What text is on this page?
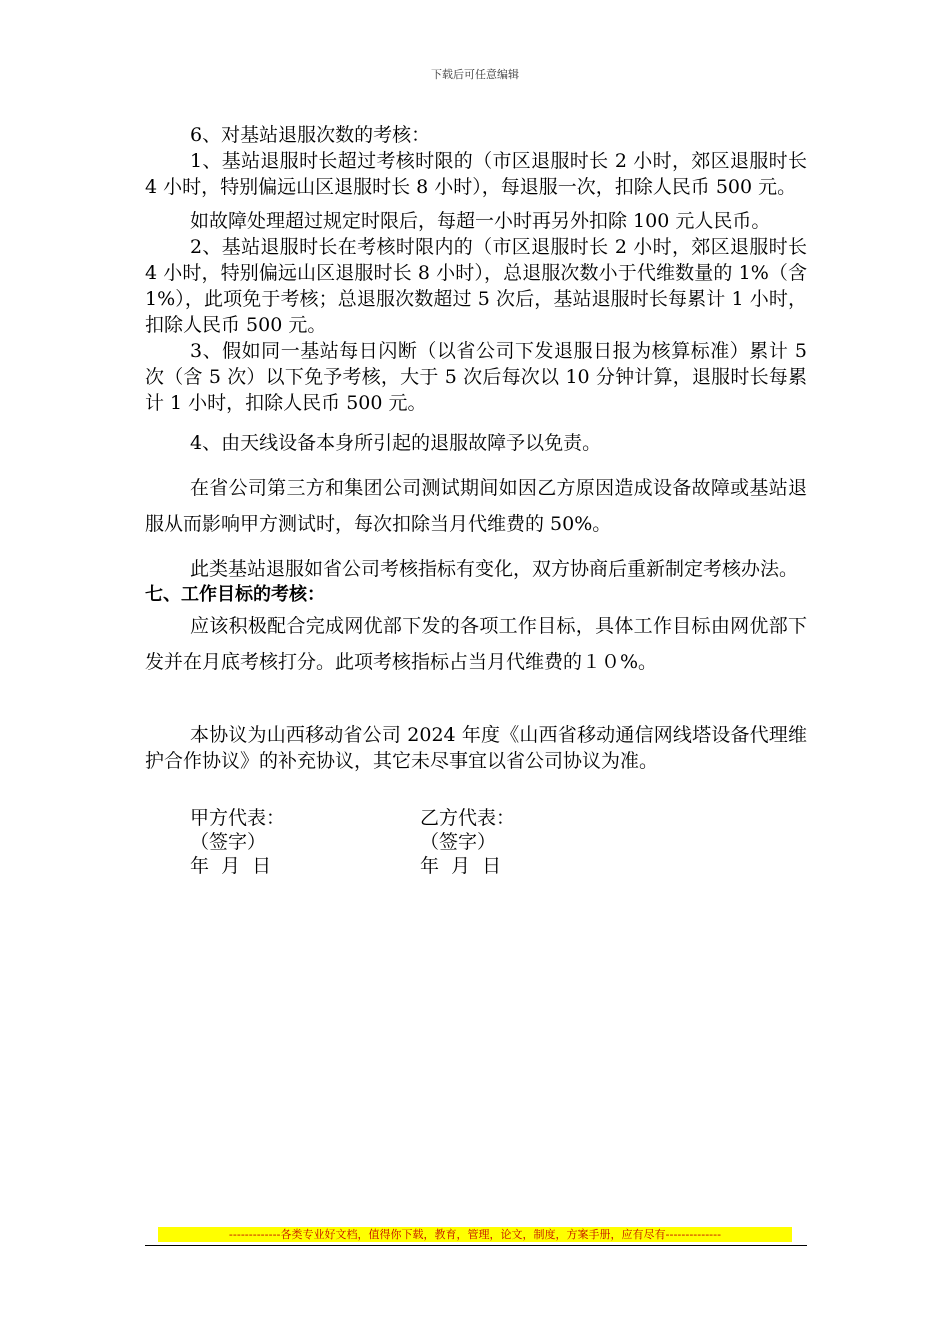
下载后可任意编辑

6、对基站退服次数的考核：

1、基站退服时长超过考核时限的（市区退服时长 2 小时，郊区退服时长 4 小时，特别偏远山区退服时长 8 小时），每退服一次，扣除人民币 500 元。

如故障处理超过规定时限后，每超一小时再另外扣除 100 元人民币。

2、基站退服时长在考核时限内的（市区退服时长 2 小时，郊区退服时长 4 小时，特别偏远山区退服时长 8 小时），总退服次数小于代维数量的 1%（含 1%），此项免于考核；总退服次数超过 5 次后，基站退服时长每累计 1 小时，扣除人民币 500 元。

3、假如同一基站每日闪断（以省公司下发退服日报为核算标准）累计 5 次（含 5 次）以下免予考核，大于 5 次后每次以 10 分钟计算，退服时长每累计 1 小时，扣除人民币 500 元。

4、由天线设备本身所引起的退服故障予以免责。

在省公司第三方和集团公司测试期间如因乙方原因造成设备故障或基站退服从而影响甲方测试时，每次扣除当月代维费的 50%。

此类基站退服如省公司考核指标有变化，双方协商后重新制定考核办法。

七、工作目标的考核：

应该积极配合完成网优部下发的各项工作目标，具体工作目标由网优部下发并在月底考核打分。此项考核指标占当月代维费的１０%。

本协议为山西移动省公司 2024 年度《山西省移动通信网线塔设备代理维护合作协议》的补充协议，其它未尽事宜以省公司协议为准。

甲方代表：

（签字）

年  月  日

乙方代表：

（签字）

年  月  日

-------------各类专业好文档，值得你下载，教育，管理，论文，制度，方案手册，应有尽有--------------
